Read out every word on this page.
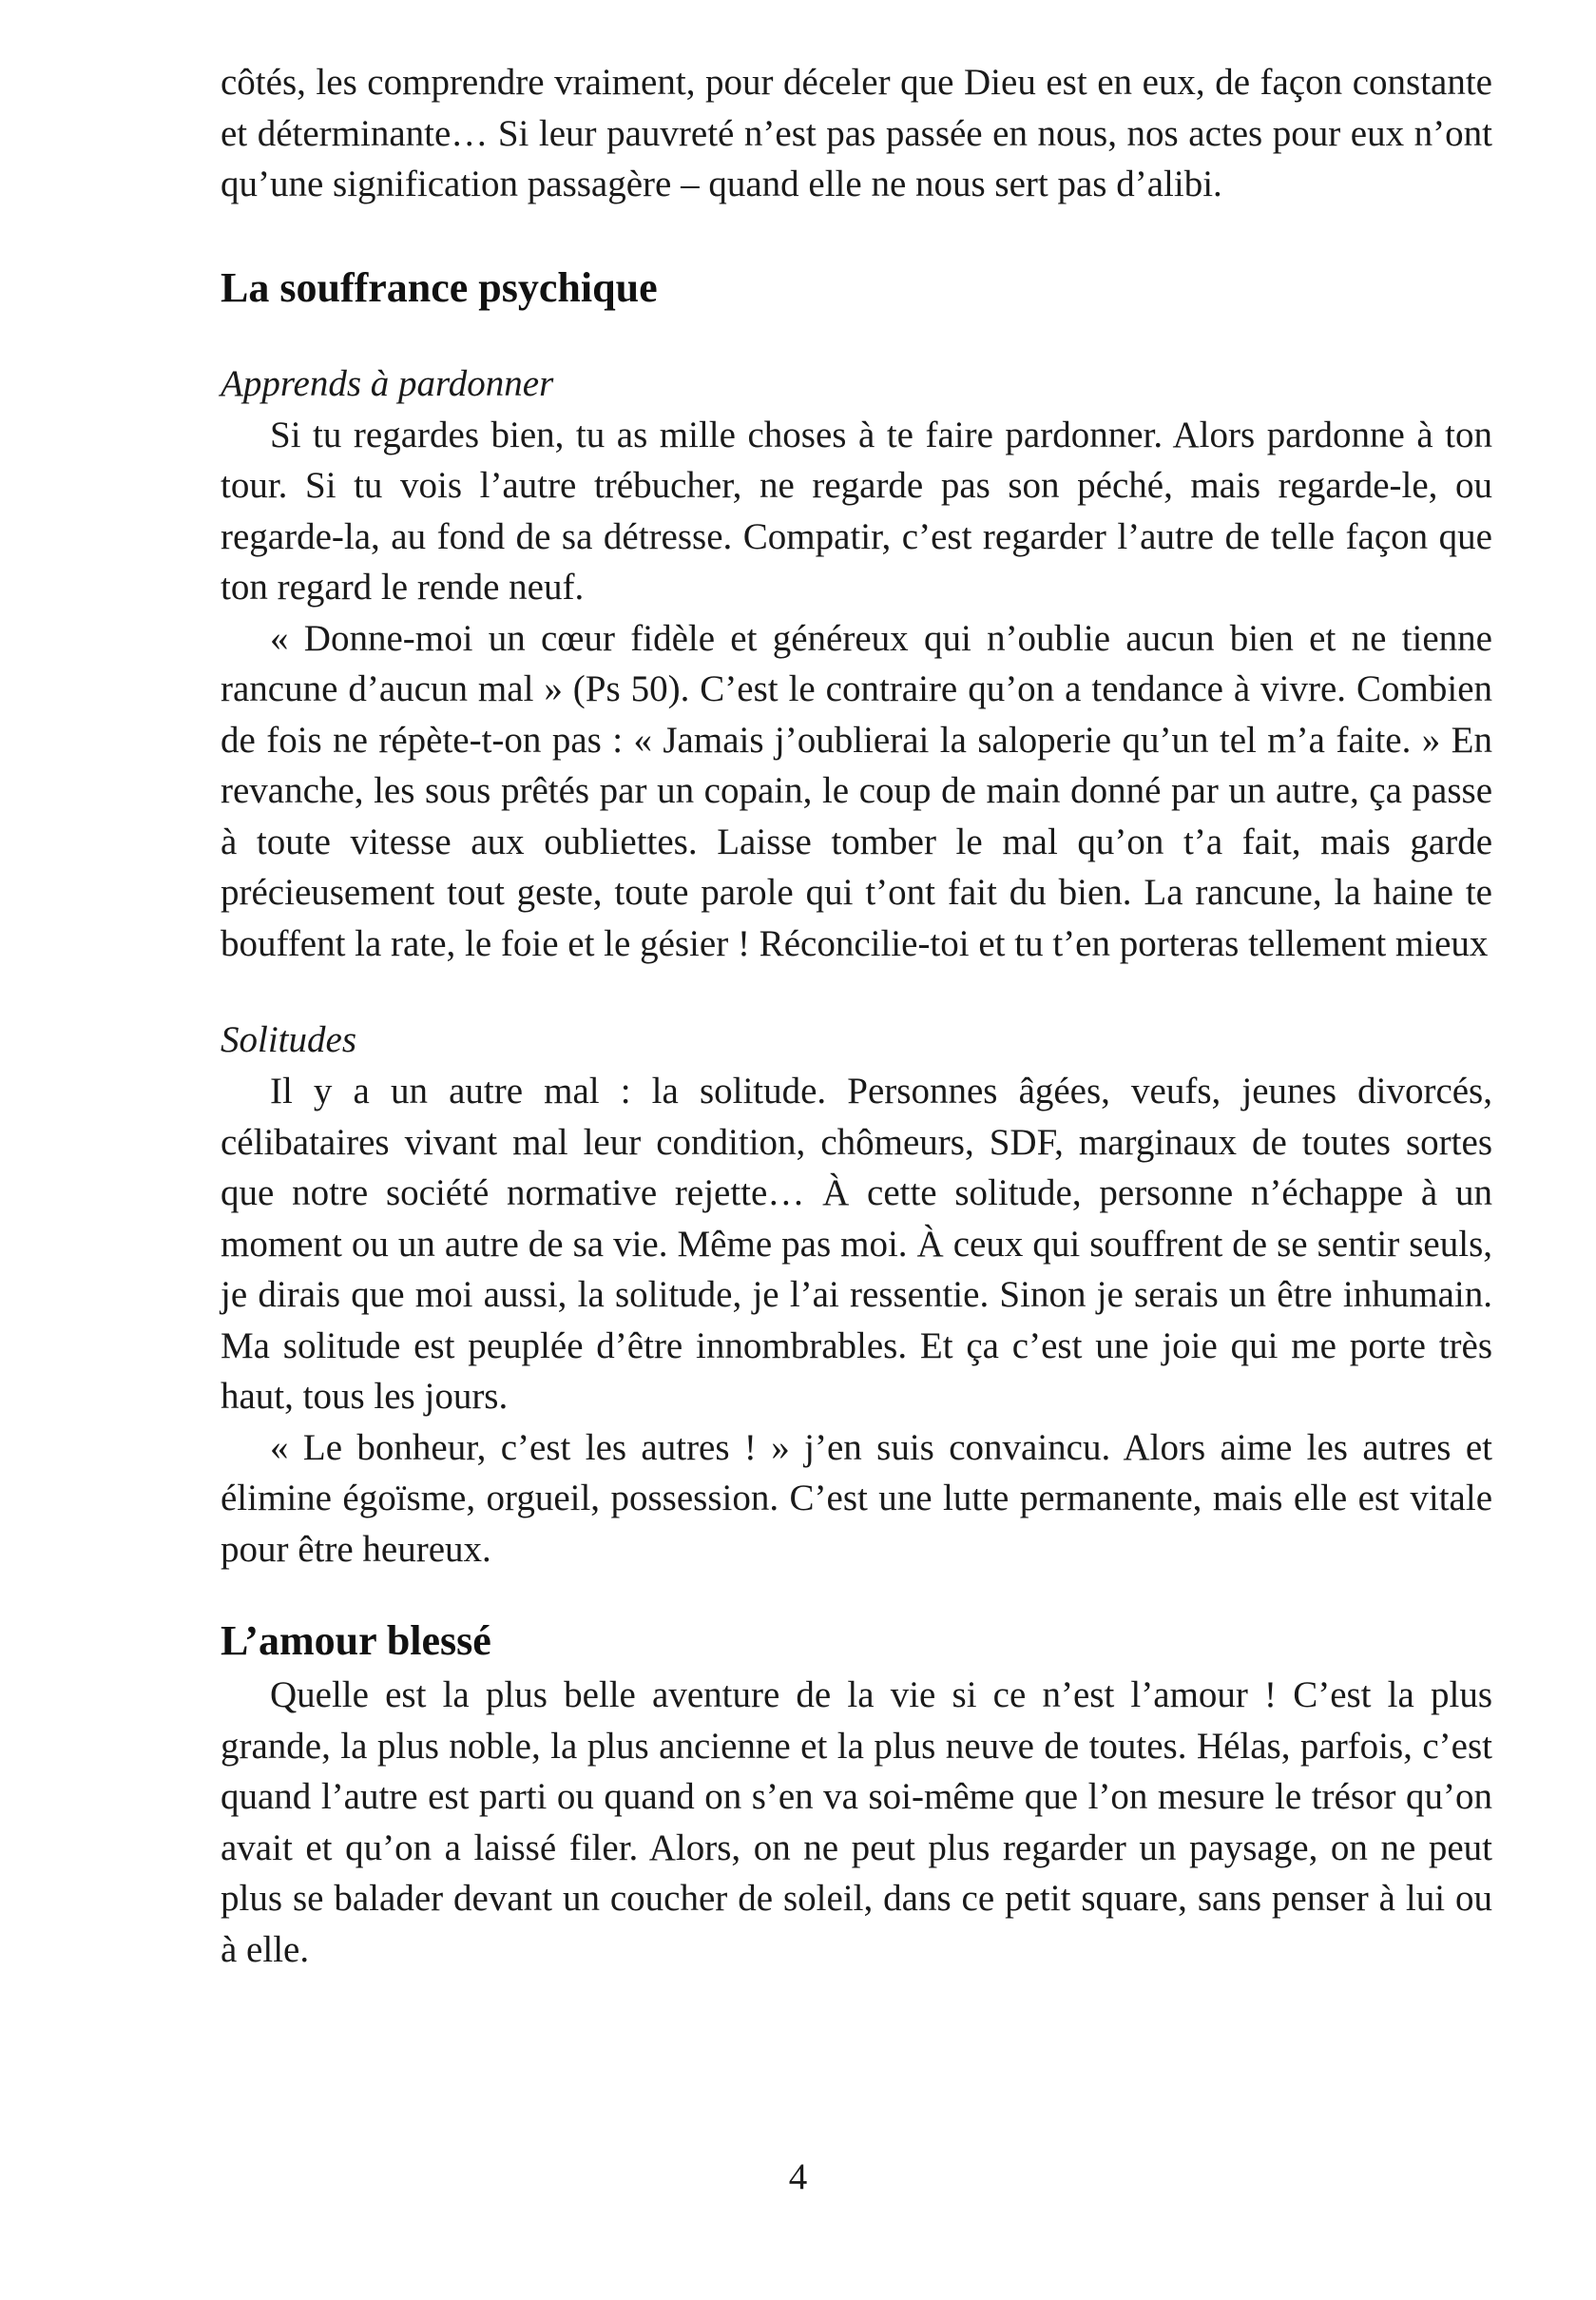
côtés, les comprendre vraiment, pour déceler que Dieu est en eux, de façon constante et déterminante… Si leur pauvreté n’est pas passée en nous, nos actes pour eux n’ont qu’une signification passagère – quand elle ne nous sert pas d’alibi.

La souffrance psychique
Apprends à pardonner

Si tu regardes bien, tu as mille choses à te faire pardonner. Alors pardonne à ton tour. Si tu vois l’autre trébucher, ne regarde pas son péché, mais regarde-le, ou regarde-la, au fond de sa détresse. Compatir, c’est regarder l’autre de telle façon que ton regard le rende neuf.

« Donne-moi un cœur fidèle et généreux qui n’oublie aucun bien et ne tienne rancune d’aucun mal » (Ps 50). C’est le contraire qu’on a tendance à vivre. Combien de fois ne répète-t-on pas : « Jamais j’oublierai la saloperie qu’un tel m’a faite. » En revanche, les sous prêtés par un copain, le coup de main donné par un autre, ça passe à toute vitesse aux oubliettes. Laisse tomber le mal qu’on t’a fait, mais garde précieusement tout geste, toute parole qui t’ont fait du bien. La rancune, la haine te bouffent la rate, le foie et le gésier ! Réconcilie-toi et tu t’en porteras tellement mieux

Solitudes

Il y a un autre mal : la solitude. Personnes âgées, veufs, jeunes divorcés, célibataires vivant mal leur condition, chômeurs, SDF, marginaux de toutes sortes que notre société normative rejette… À cette solitude, personne n’échappe à un moment ou un autre de sa vie. Même pas moi. À ceux qui souffrent de se sentir seuls, je dirais que moi aussi, la solitude, je l’ai ressentie. Sinon je serais un être inhumain. Ma solitude est peuplée d’être innombrables. Et ça c’est une joie qui me porte très haut, tous les jours.

« Le bonheur, c’est les autres ! » j’en suis convaincu. Alors aime les autres et élimine égoïsme, orgueil, possession. C’est une lutte permanente, mais elle est vitale pour être heureux.

L’amour blessé

Quelle est la plus belle aventure de la vie si ce n’est l’amour ! C’est la plus grande, la plus noble, la plus ancienne et la plus neuve de toutes. Hélas, parfois, c’est quand l’autre est parti ou quand on s’en va soi-même que l’on mesure le trésor qu’on avait et qu’on a laissé filer. Alors, on ne peut plus regarder un paysage, on ne peut plus se balader devant un coucher de soleil, dans ce petit square, sans penser à lui ou à elle.

4
